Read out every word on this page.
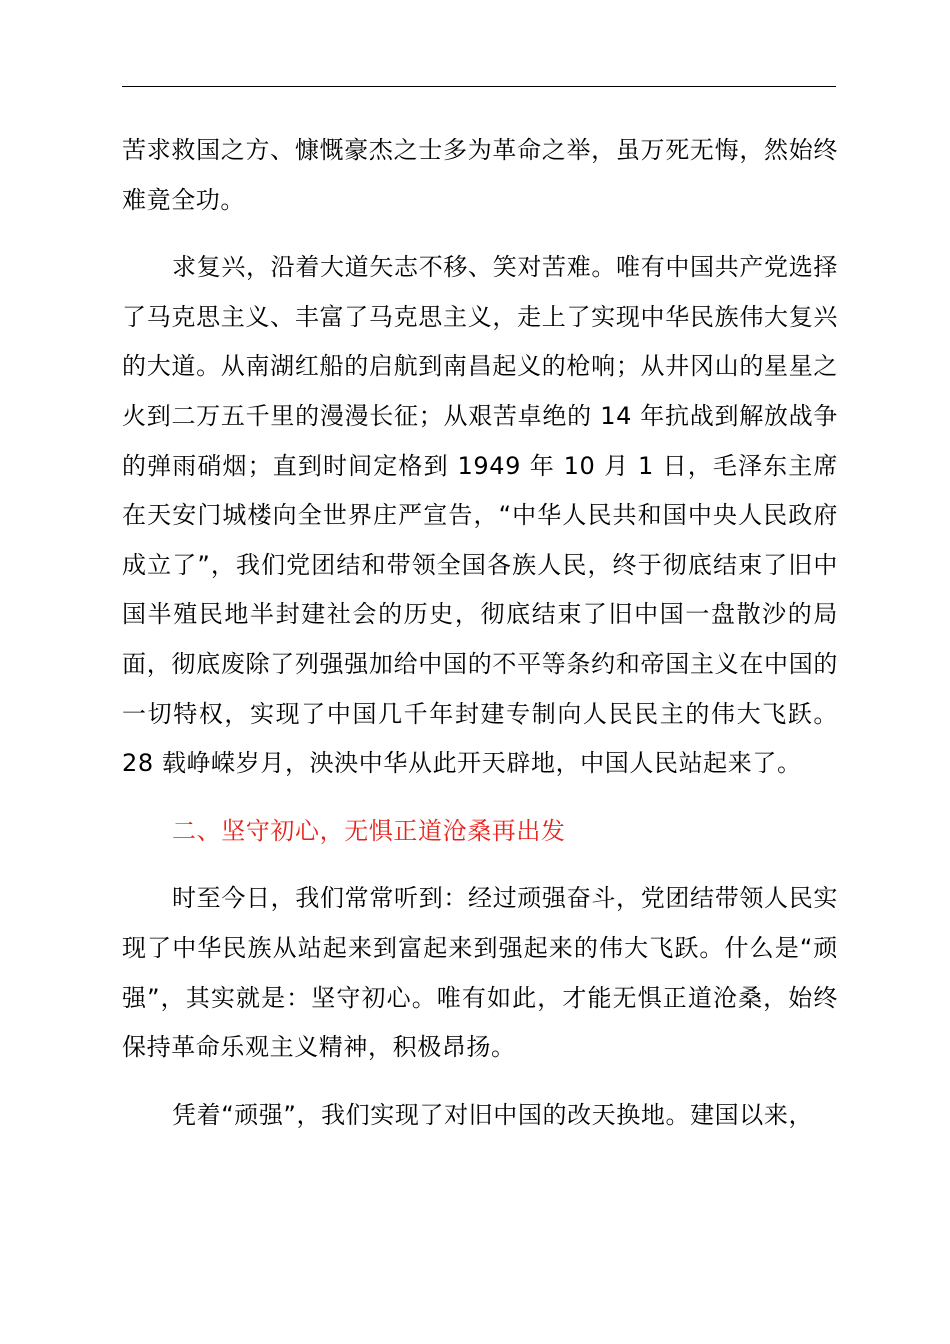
苦求救国之方、慷慨豪杰之士多为革命之举，虽万死无悔，然始终难竟全功。

求复兴，沿着大道矢志不移、笑对苦难。唯有中国共产党选择了马克思主义、丰富了马克思主义，走上了实现中华民族伟大复兴的大道。从南湖红船的启航到南昌起义的枪响；从井冈山的星星之火到二万五千里的漫漫长征；从艰苦卓绝的 14 年抗战到解放战争的弹雨硝烟；直到时间定格到 1949 年 10 月 1 日，毛泽东主席在天安门城楼向全世界庄严宣告，“中华人民共和国中央人民政府成立了”，我们党团结和带领全国各族人民，终于彻底结束了旧中国半殖民地半封建社会的历史，彻底结束了旧中国一盘散沙的局面，彻底废除了列强强加给中国的不平等条约和帝国主义在中国的一切特权，实现了中国几千年封建专制向人民民主的伟大飞跃。28 载峥嵘岁月，泱泱中华从此开天辟地，中国人民站起来了。

二、坚守初心，无惧正道沧桑再出发

时至今日，我们常常听到：经过顽强奋斗，党团结带领人民实现了中华民族从站起来到富起来到强起来的伟大飞跃。什么是“顽强”，其实就是：坚守初心。唯有如此，才能无惧正道沧桑，始终保持革命乐观主义精神，积极昂扬。

凭着“顽强”，我们实现了对旧中国的改天换地。建国以来，
